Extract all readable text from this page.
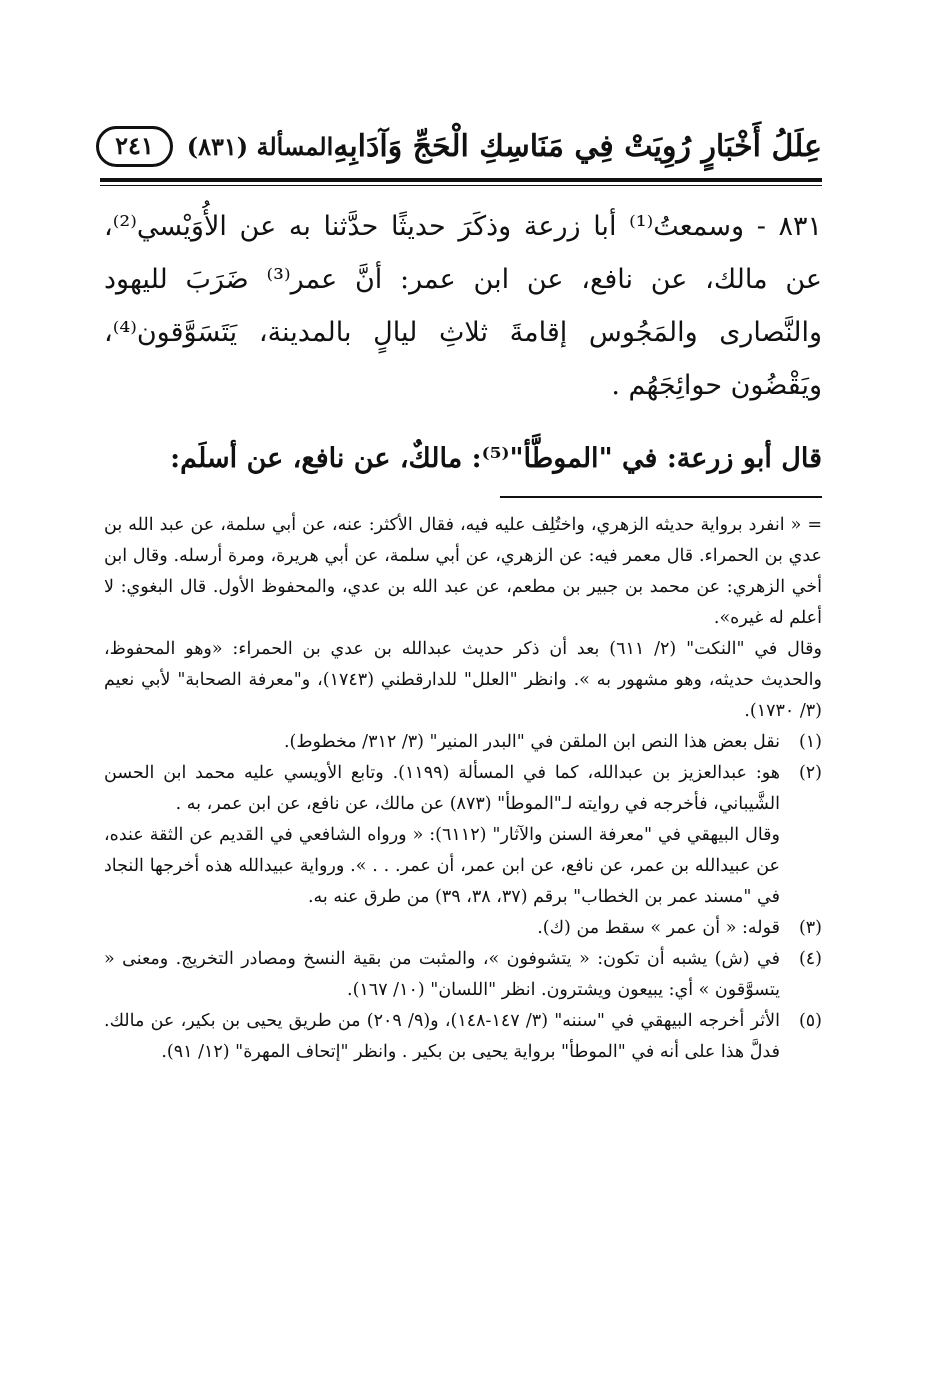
عِلَلُ أَخْبَارٍ رُوِيَتْ فِي مَنَاسِكِ الْحَجِّ وَآدَابِهِ
المسألة (٨٣١)
٢٤١

٨٣١ - وسمعتُ⁽¹⁾ أبا زرعة وذكَرَ حديثًا حدَّثنا به عن الأُوَيْسي⁽²⁾، عن مالك، عن نافع، عن ابن عمر: أنَّ عمر⁽³⁾ ضَرَبَ لليهود والنَّصارى والمَجُوس إقامةَ ثلاثِ ليالٍ بالمدينة، يَتَسَوَّقون⁽⁴⁾، ويَقْضُون حوائِجَهُم .

قال أبو زرعة: في "الموطَّأ"⁽⁵⁾: مالكٌ، عن نافع، عن أسلَم:

= « انفرد برواية حديثه الزهري، واختُلِف عليه فيه، فقال الأكثر: عنه، عن أبي سلمة، عن عبد الله بن عدي بن الحمراء. قال معمر فيه: عن الزهري، عن أبي سلمة، عن أبي هريرة، ومرة أرسله. وقال ابن أخي الزهري: عن محمد بن جبير بن مطعم، عن عبد الله بن عدي، والمحفوظ الأول. قال البغوي: لا أعلم له غيره».

وقال في "النكت" (٢/ ٦١١) بعد أن ذكر حديث عبدالله بن عدي بن الحمراء: «وهو المحفوظ، والحديث حديثه، وهو مشهور به ». وانظر "العلل" للدارقطني (١٧٤٣)، و"معرفة الصحابة" لأبي نعيم (٣/ ١٧٣٠).

(١)

نقل بعض هذا النص ابن الملقن في "البدر المنير" (٣/ ٣١٢/ مخطوط).

(٢)

هو: عبدالعزيز بن عبدالله، كما في المسألة (١١٩٩). وتابع الأويسي عليه محمد ابن الحسن الشَّيباني، فأخرجه في روايته لـ"الموطأ" (٨٧٣) عن مالك، عن نافع، عن ابن عمر، به .

وقال البيهقي في "معرفة السنن والآثار" (٦١١٢): « ورواه الشافعي في القديم عن الثقة عنده، عن عبيدالله بن عمر، عن نافع، عن ابن عمر، أن عمر. . . ». ورواية عبيدالله هذه أخرجها النجاد في "مسند عمر بن الخطاب" برقم (٣٧، ٣٨، ٣٩) من طرق عنه به.

(٣)

قوله: « أن عمر » سقط من (ك).

(٤)

في (ش) يشبه أن تكون: « يتشوفون »، والمثبت من بقية النسخ ومصادر التخريج. ومعنى « يتسوَّقون » أي: يبيعون ويشترون. انظر "اللسان" (١٠/ ١٦٧).

(٥)

الأثر أخرجه البيهقي في "سننه" (٣/ ١٤٧-١٤٨)، و(٩/ ٢٠٩) من طريق يحيى بن بكير، عن مالك. فدلَّ هذا على أنه في "الموطأ" برواية يحيى بن بكير . وانظر "إتحاف المهرة" (١٢/ ٩١).
